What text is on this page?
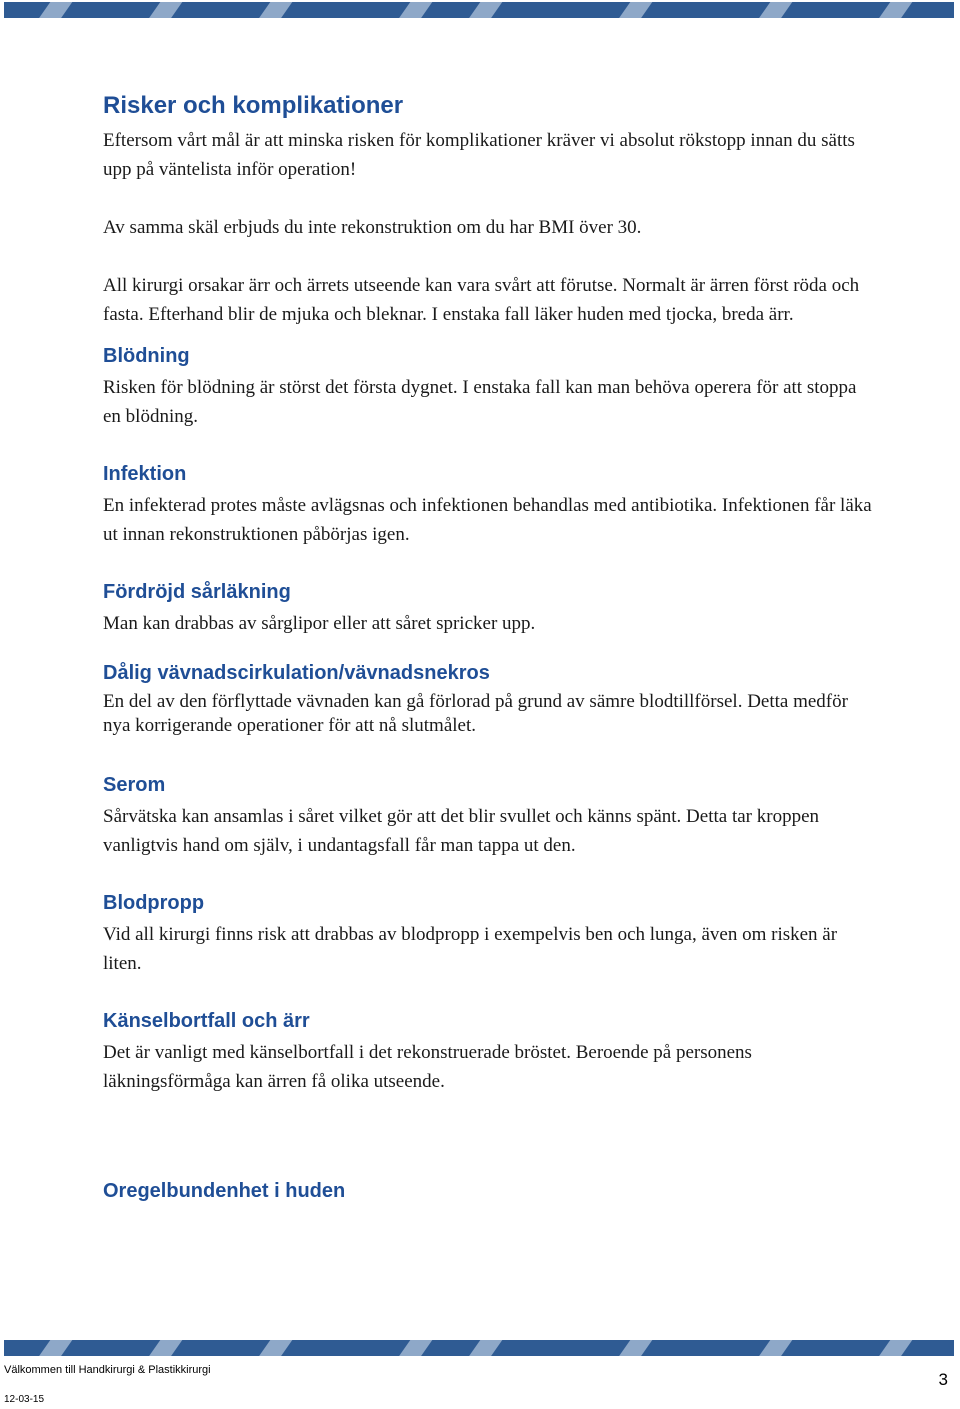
Risker och komplikationer

Eftersom vårt mål är att minska risken för komplikationer kräver vi absolut rökstopp innan du sätts upp på väntelista inför operation!

Av samma skäl erbjuds du inte rekonstruktion om du har BMI över 30.

All kirurgi orsakar ärr och ärrets utseende kan vara svårt att förutse. Normalt är ärren först röda och fasta. Efterhand blir de mjuka och bleknar. I enstaka fall läker huden med tjocka, breda ärr.

Blödning

Risken för blödning är störst det första dygnet. I enstaka fall kan man behöva operera för att stoppa en blödning.

Infektion

En infekterad protes måste avlägsnas och infektionen behandlas med antibiotika. Infektionen får läka ut innan rekonstruktionen påbörjas igen.

Fördröjd sårläkning

Man kan drabbas av sårglipor eller att såret spricker upp.

Dålig vävnadscirkulation/vävnadsnekros

En del av den förflyttade vävnaden kan gå förlorad på grund av sämre blodtillförsel. Detta medför nya korrigerande operationer för att nå slutmålet.

Serom

Sårvätska kan ansamlas i såret vilket gör att det blir svullet och känns spänt. Detta tar kroppen vanligtvis hand om själv, i undantagsfall får man tappa ut den.

Blodpropp

Vid all kirurgi finns risk att drabbas av blodpropp i exempelvis ben och lunga, även om risken är liten.

Känselbortfall och ärr

Det är vanligt med känselbortfall i det rekonstruerade bröstet. Beroende på personens läkningsförmåga kan ärren få olika utseende.

Oregelbundenhet i huden

Välkommen till Handkirurgi & Plastikkirurgi
12-03-15
3
